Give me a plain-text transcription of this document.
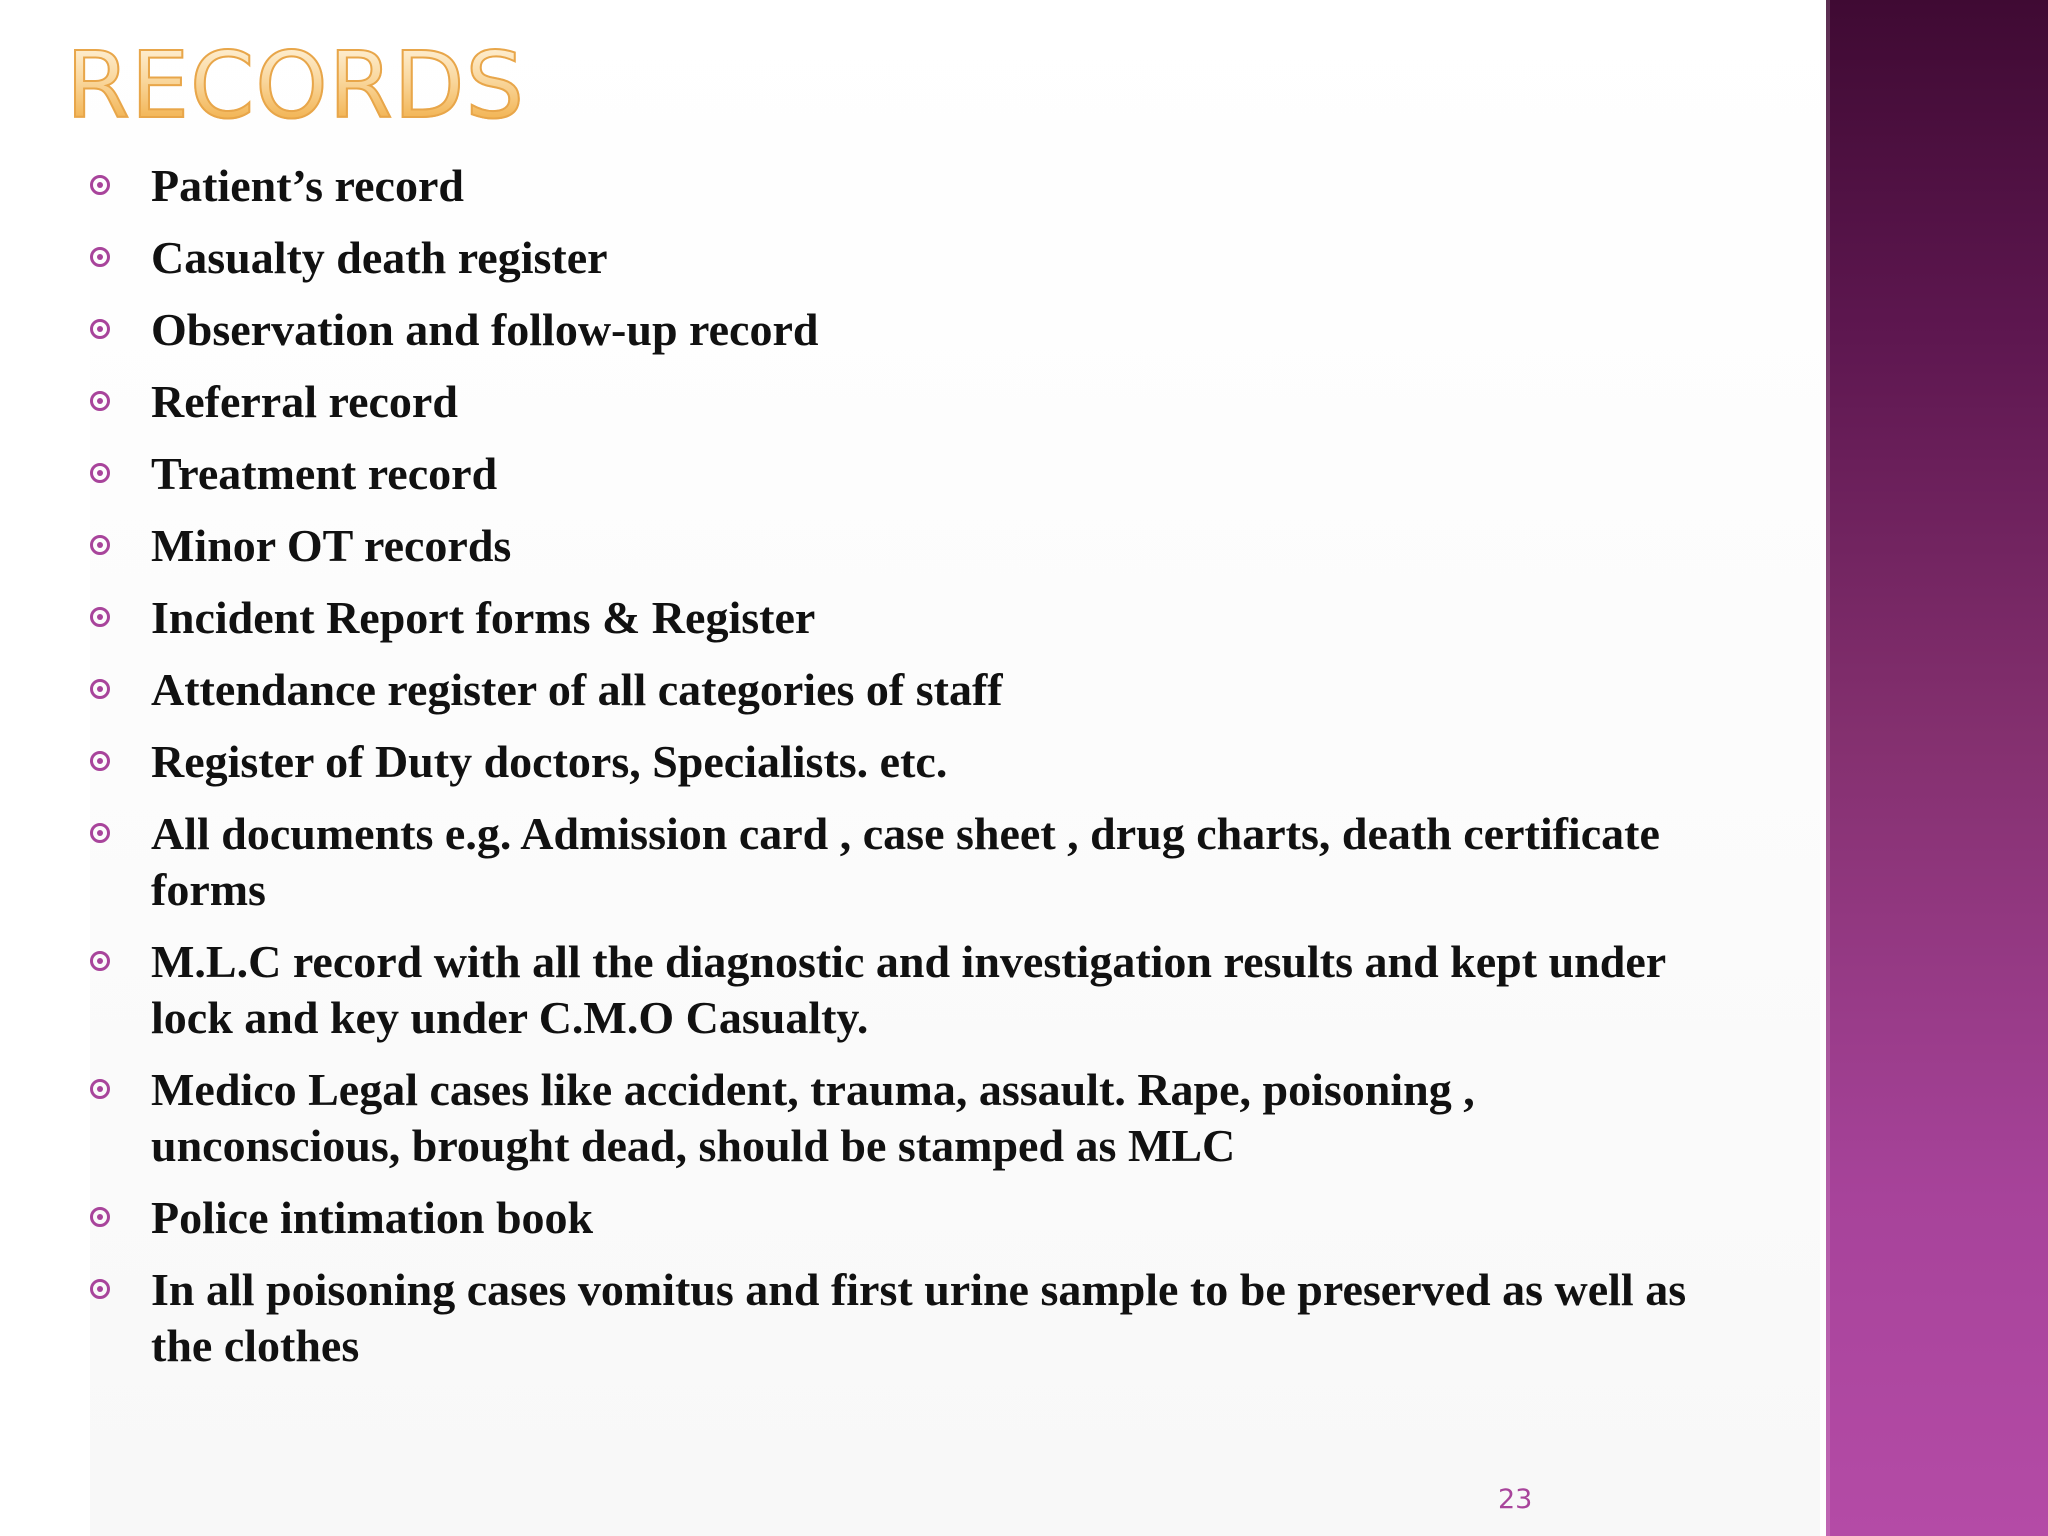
RECORDS
Patient’s record
Casualty death register
Observation and follow-up record
Referral record
Treatment record
Minor OT records
Incident Report forms & Register
Attendance register of all categories of staff
Register of Duty doctors, Specialists. etc.
All documents e.g. Admission card , case sheet , drug charts, death certificate forms
M.L.C record with all the diagnostic and investigation results and kept under lock and key under C.M.O Casualty.
Medico Legal cases like accident, trauma, assault. Rape, poisoning , unconscious, brought dead, should be stamped as MLC
Police intimation book
In all poisoning cases vomitus and first urine sample to be preserved as well as the clothes
23
